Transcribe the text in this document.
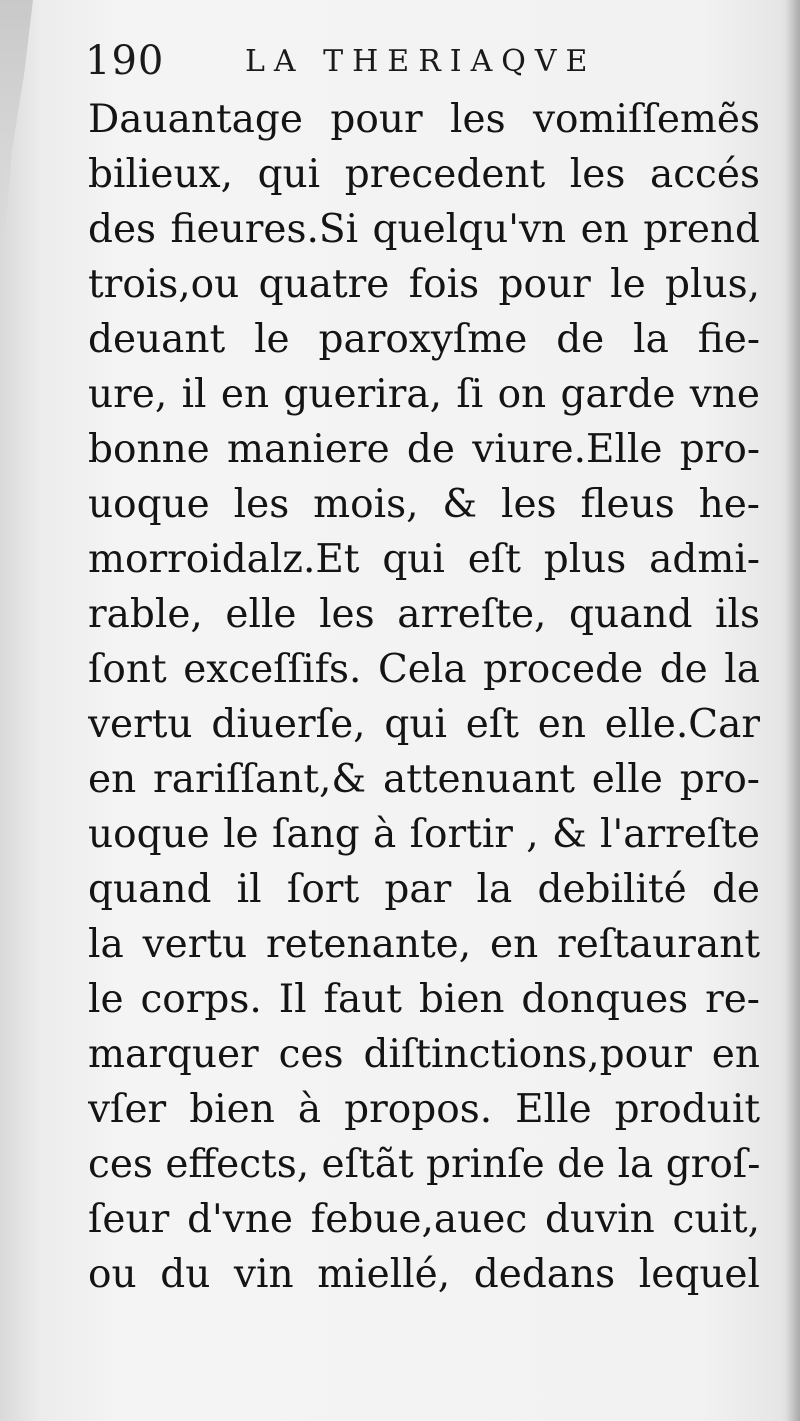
190	LA THERIAQVE
Dauantage pour les vomiſſemẽs
bilieux, qui precedent les accés
des fieures.Si quelqu'vn en prend
trois,ou quatre fois pour le plus,
deuant le paroxyſme de la fie-
ure, il en guerira, ſi on garde vne
bonne maniere de viure.Elle pro-
uoque les mois, & les fleus he-
morroidalz.Et qui eſt plus admi-
rable, elle les arreſte, quand ils
ſont exceſſifs. Cela procede de la
vertu diuerſe, qui eſt en elle.Car
en rariſſant,& attenuant elle pro-
uoque le ſang à ſortir , & l'arreſte
quand il ſort par la debilité de
la vertu retenante, en reſtaurant
le corps. Il faut bien donques re-
marquer ces diſtinctions,pour en
vſer bien à propos. Elle produit
ces effects, eſtãt prinſe de la groſ-
ſeur d'vne febue,auec duvin cuit,
ou du vin miellé, dedans lequel
